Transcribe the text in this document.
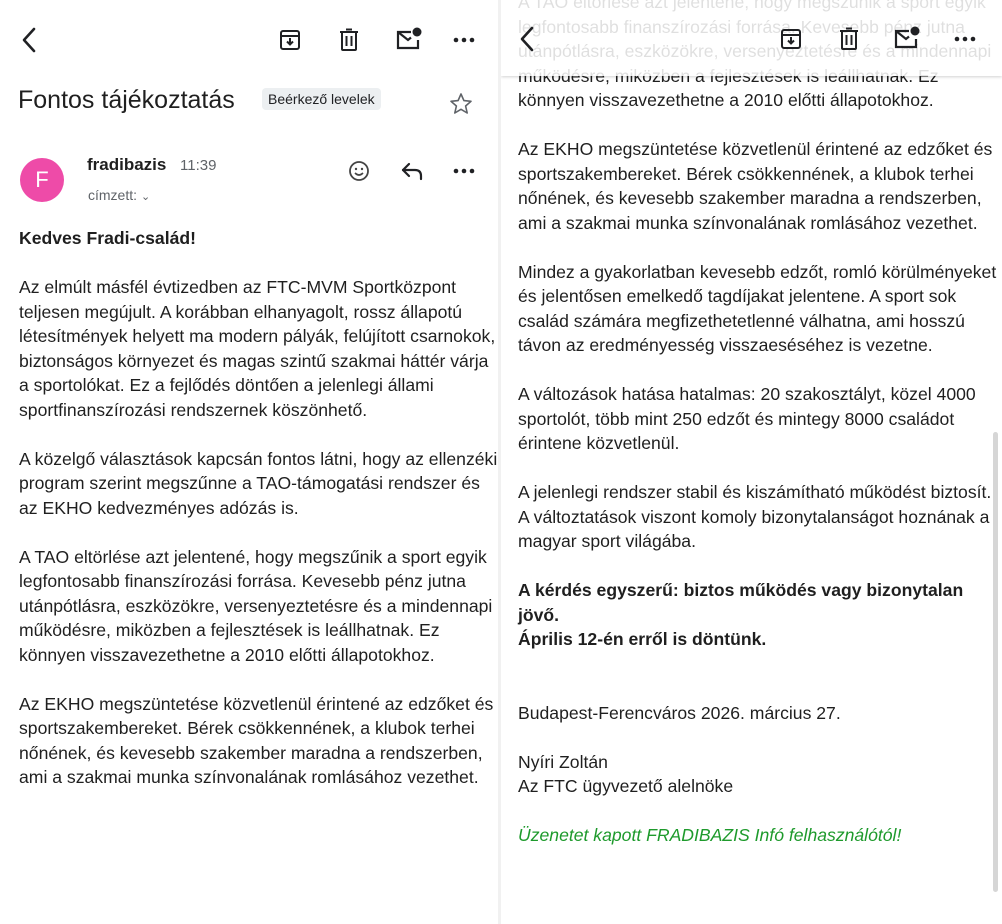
Fontos tájékoztatás	Beérkező levelek
F
fradibazis 11:39
címzett: ⌄

Kedves Fradi-család!

Az elmúlt másfél évtizedben az FTC-MVM Sportközpont teljesen megújult. A korábban elhanyagolt, rossz állapotú létesítmények helyett ma modern pályák, felújított csarnokok, biztonságos környezet és magas szintű szakmai háttér várja a sportolókat. Ez a fejlődés döntően a jelenlegi állami sportfinanszírozási rendszernek köszönhető.

A közelgő választások kapcsán fontos látni, hogy az ellenzéki program szerint megszűnne a TAO-támogatási rendszer és az EKHO kedvezményes adózás is.

A TAO eltörlése azt jelentené, hogy megszűnik a sport egyik legfontosabb finanszírozási forrása. Kevesebb pénz jutna utánpótlásra, eszközökre, versenyeztetésre és a mindennapi működésre, miközben a fejlesztések is leállhatnak. Ez könnyen visszavezethetne a 2010 előtti állapotokhoz.

Az EKHO megszüntetése közvetlenül érintené az edzőket és sportszakembereket. Bérek csökkennének, a klubok terhei nőnének, és kevesebb szakember maradna a rendszerben, ami a szakmai munka színvonalának romlásához vezethet.

könnyen visszavezethetne a 2010 előtti állapotokhoz.

Az EKHO megszüntetése közvetlenül érintené az edzőket és sportszakembereket. Bérek csökkennének, a klubok terhei nőnének, és kevesebb szakember maradna a rendszerben, ami a szakmai munka színvonalának romlásához vezethet.

Mindez a gyakorlatban kevesebb edzőt, romló körülményeket és jelentősen emelkedő tagdíjakat jelentene. A sport sok család számára megfizethetetlenné válhatna, ami hosszú távon az eredményesség visszaeséséhez is vezetne.

A változások hatása hatalmas: 20 szakosztályt, közel 4000 sportolót, több mint 250 edzőt és mintegy 8000 családot érintene közvetlenül.

A jelenlegi rendszer stabil és kiszámítható működést biztosít. A változtatások viszont komoly bizonytalanságot hoznának a magyar sport világába.

A kérdés egyszerű: biztos működés vagy bizonytalan jövő.
Április 12-én erről is döntünk.

Budapest-Ferencváros 2026. március 27.

Nyíri Zoltán

Az FTC ügyvezető alelnöke

Üzenetet kapott FRADIBAZIS Infó felhasználótól!
